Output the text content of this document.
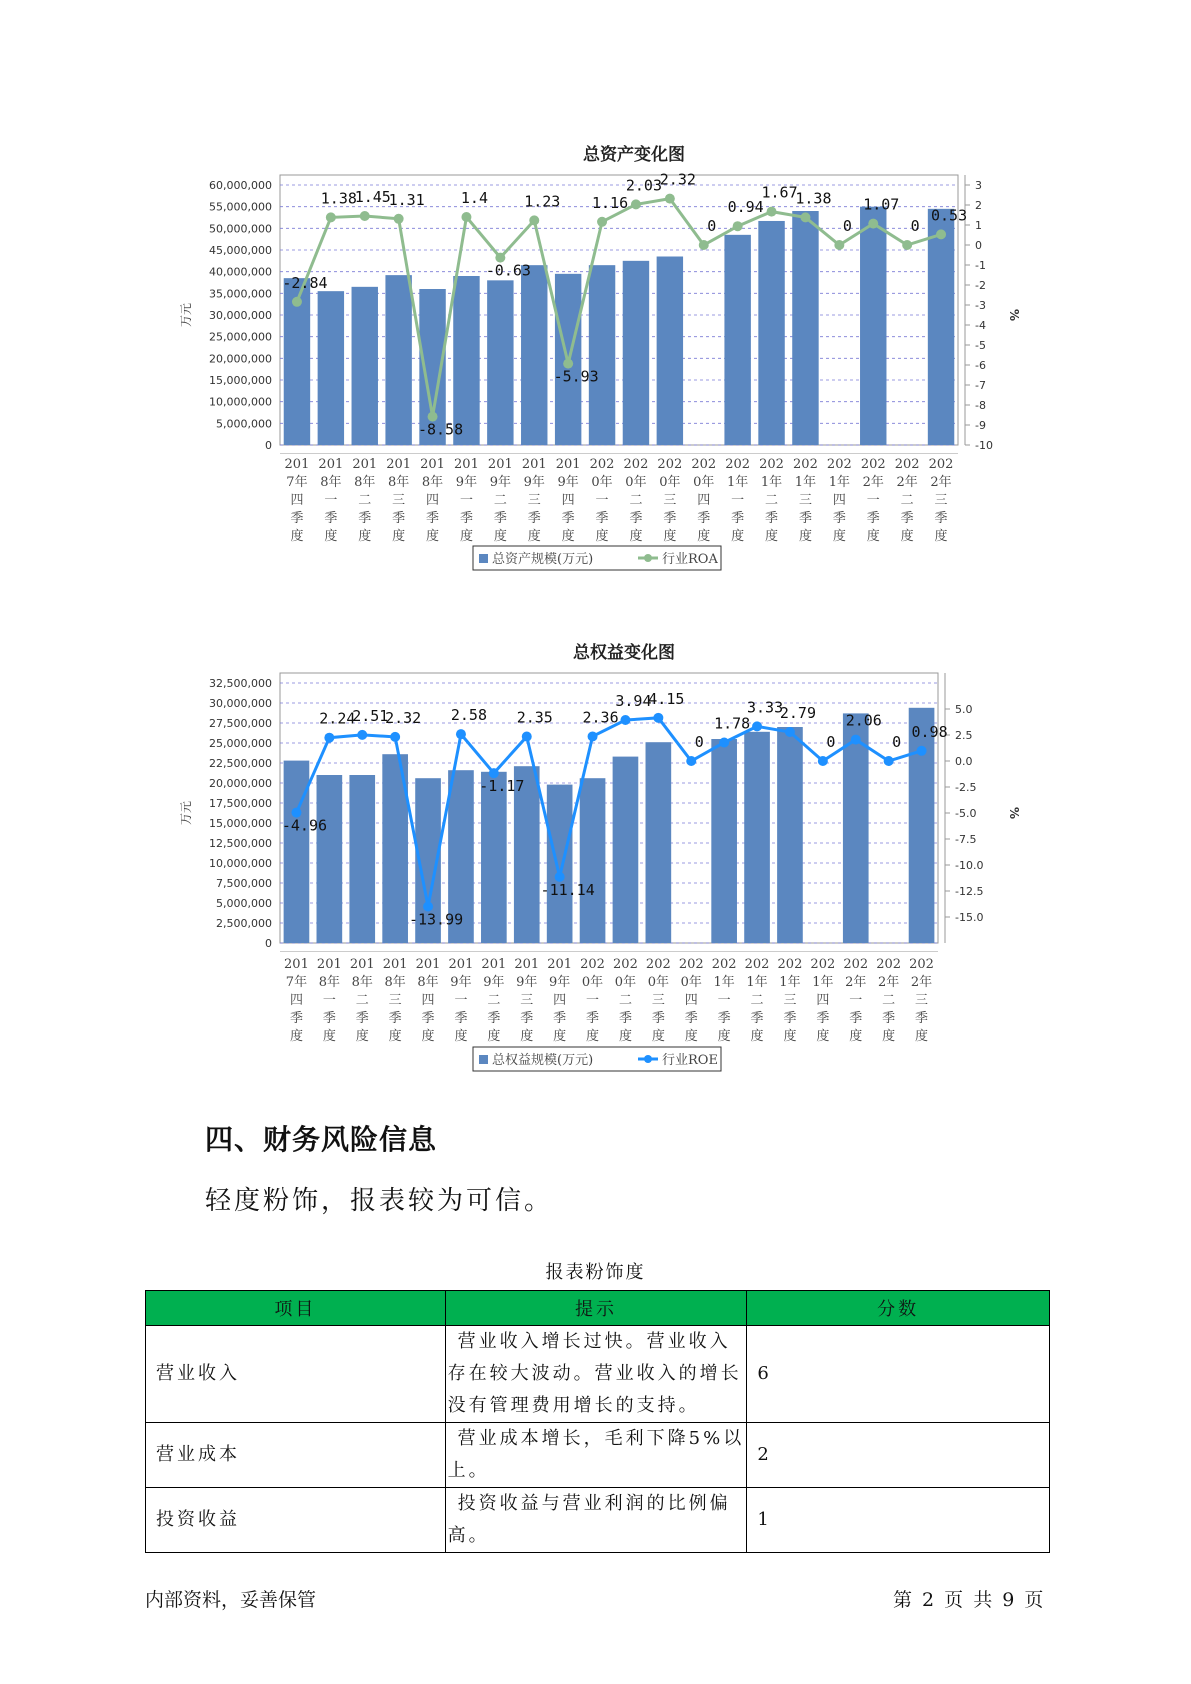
总资产变化图
60,000,000
55,000,000
50,000,000
45,000,000
40,000,000
35,000,000
30,000,000
25,000,000
20,000,000
15,000,000
10,000,000
5,000,000
0
3
2
1
0
-1
-2
-3
-4
-5
-6
-7
-8
-9
-10
万元	%
-2.84
1.38
1.45
1.31
-8.58
1.4
-0.63
1.23
-5.93
1.16
2.03
2.32
0
0.94
1.67
1.38
0
1.07
0
0.53
201
7年
四
季
度
201
8年
一
季
度
201
8年
二
季
度
201
8年
三
季
度
201
8年
四
季
度
201
9年
一
季
度
201
9年
二
季
度
201
9年
三
季
度
201
9年
四
季
度
202
0年
一
季
度
202
0年
二
季
度
202
0年
三
季
度
202
0年
四
季
度
202
1年
一
季
度
202
1年
二
季
度
202
1年
三
季
度
202
1年
四
季
度
202
2年
一
季
度
202
2年
二
季
度
202
2年
三
季
度
总资产规模(万元)	行业ROA
总权益变化图
32,500,000
30,000,000
27,500,000
25,000,000
22,500,000
20,000,000
17,500,000
15,000,000
12,500,000
10,000,000
7,500,000
5,000,000
2,500,000
0
5.0
2.5
0.0
-2.5
-5.0
-7.5
-10.0
-12.5
-15.0
万元	%
-4.96
2.24
2.51
2.32
-13.99
2.58
-1.17
2.35
-11.14
2.36
3.94
4.15
0
1.78
3.33
2.79
0
2.06
0
0.98
201
7年
四
季
度
201
8年
一
季
度
201
8年
二
季
度
201
8年
三
季
度
201
8年
四
季
度
201
9年
一
季
度
201
9年
二
季
度
201
9年
三
季
度
201
9年
四
季
度
202
0年
一
季
度
202
0年
二
季
度
202
0年
三
季
度
202
0年
四
季
度
202
1年
一
季
度
202
1年
二
季
度
202
1年
三
季
度
202
1年
四
季
度
202
2年
一
季
度
202
2年
二
季
度
202
2年
三
季
度
总权益规模(万元)	行业ROE
四、财务风险信息
轻度粉饰，报表较为可信。
报表粉饰度
项目	提示	分数
营业收入	营业收入增长过快。营业收入存在较大波动。营业收入的增长没有管理费用增长的支持。	6
营业成本	营业成本增长，毛利下降5%以上。	2
投资收益	投资收益与营业利润的比例偏高。	1
内部资料，妥善保管	第 2 页 共 9 页
